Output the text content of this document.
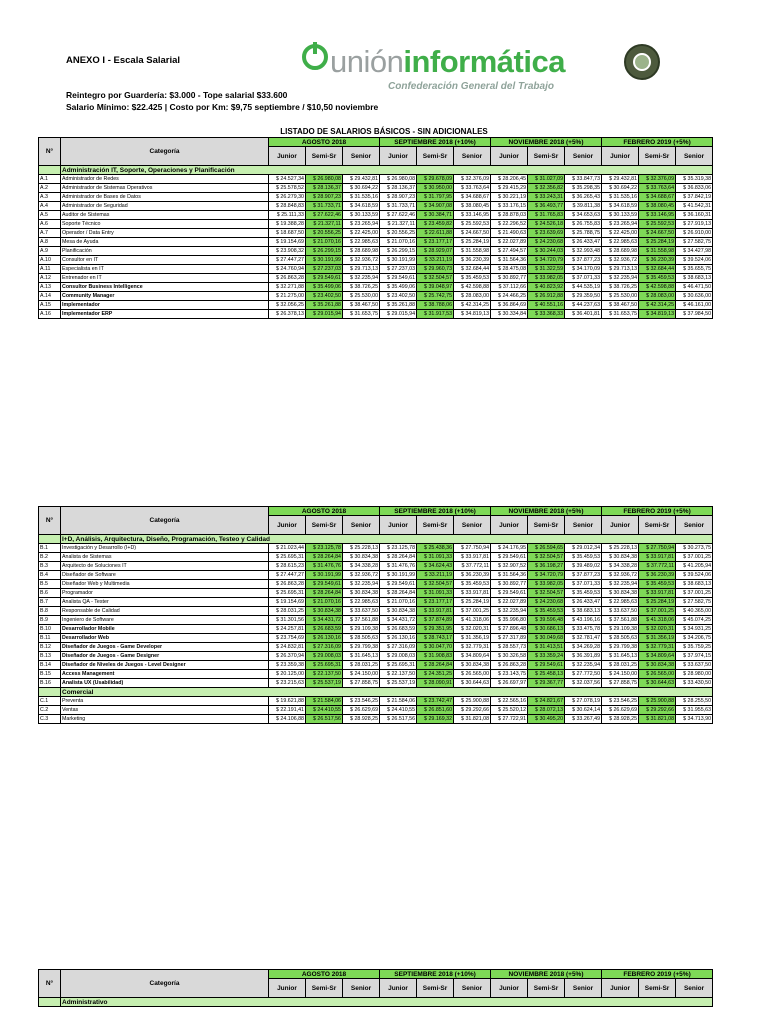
ANEXO I - Escala Salarial
Reintegro por Guardería: $3.000 - Tope salarial $33.600
Salario Mínimo: $22.425 | Costo por Km: $9,75 septiembre / $10,50 noviembre
unióninformática
Confederación General del Trabajo
LISTADO DE SALARIOS BÁSICOS - SIN ADICIONALES
N°	Categoría	AGOSTO 2018			SEPTIEMBRE 2018 (+10%)			NOVIEMBRE 2018 (+5%)			FEBRERO 2019 (+5%)		
		Junior	Semi-Sr	Senior	Junior	Semi-Sr	Senior	Junior	Semi-Sr	Senior	Junior	Semi-Sr	Senior
	Administración IT, Soporte, Operaciones y Planificación												
A.1	Administrador de Redes	$ 24.527,34	$ 26.980,08	$ 29.432,81	$ 26.980,08	$ 29.678,09	$ 32.376,09	$ 28.206,45	$ 31.027,09	$ 33.847,73	$ 29.432,81	$ 32.376,09	$ 35.319,38
A.2	Administrador de Sistemas Operativos	$ 25.578,52	$ 28.136,37	$ 30.694,22	$ 28.136,37	$ 30.950,00	$ 33.763,64	$ 29.415,29	$ 32.356,82	$ 35.298,35	$ 30.694,22	$ 33.763,64	$ 36.833,06
A.3	Administrador de Bases de Datos	$ 26.279,30	$ 28.907,23	$ 31.535,16	$ 28.907,23	$ 31.797,95	$ 34.688,67	$ 30.221,19	$ 33.243,31	$ 36.265,43	$ 31.535,16	$ 34.688,67	$ 37.842,19
A.4	Administrador de Seguridad	$ 28.848,83	$ 31.733,71	$ 34.618,59	$ 31.733,71	$ 34.907,08	$ 38.080,45	$ 33.176,15	$ 36.493,77	$ 39.811,38	$ 34.618,59	$ 38.080,45	$ 41.542,31
A.5	Auditor de Sistemas	$ 25.111,33	$ 27.622,46	$ 30.133,59	$ 27.622,46	$ 30.384,71	$ 33.146,95	$ 28.878,03	$ 31.765,83	$ 34.653,63	$ 30.133,59	$ 33.146,95	$ 36.160,31
A.6	Soporte Técnico	$ 19.388,28	$ 21.327,11	$ 23.265,94	$ 21.327,11	$ 23.459,82	$ 25.592,53	$ 22.296,52	$ 24.526,18	$ 26.755,83	$ 23.265,94	$ 25.592,53	$ 27.919,13
A.7	Operador / Data Entry	$ 18.687,50	$ 20.556,25	$ 22.425,00	$ 20.556,25	$ 22.611,88	$ 24.667,50	$ 21.490,63	$ 23.639,69	$ 25.788,75	$ 22.425,00	$ 24.667,50	$ 26.910,00
A.8	Mesa de Ayuda	$ 19.154,69	$ 21.070,16	$ 22.985,63	$ 21.070,16	$ 23.177,17	$ 25.284,19	$ 22.027,89	$ 24.230,68	$ 26.433,47	$ 22.985,63	$ 25.284,19	$ 27.582,75
A.9	Planificación	$ 23.908,32	$ 26.299,15	$ 28.689,98	$ 26.299,15	$ 28.929,07	$ 31.558,98	$ 27.494,57	$ 30.244,03	$ 32.993,48	$ 28.689,98	$ 31.558,98	$ 34.427,98
A.10	Consultor en IT	$ 27.447,27	$ 30.191,99	$ 32.936,72	$ 30.191,99	$ 33.211,19	$ 36.230,39	$ 31.564,36	$ 34.720,79	$ 37.877,23	$ 32.936,72	$ 36.230,39	$ 39.524,06
A.11	Especialista en IT	$ 24.760,94	$ 27.237,03	$ 29.713,13	$ 27.237,03	$ 29.960,73	$ 32.684,44	$ 28.475,08	$ 31.322,59	$ 34.170,09	$ 29.713,13	$ 32.684,44	$ 35.655,75
A.12	Entrenador en IT	$ 26.863,28	$ 29.549,61	$ 32.235,94	$ 29.549,61	$ 32.504,57	$ 35.459,53	$ 30.892,77	$ 33.982,05	$ 37.071,33	$ 32.235,94	$ 35.459,53	$ 38.683,13
A.13	Consultor Business Intelligence	$ 32.271,88	$ 35.499,06	$ 38.726,25	$ 35.499,06	$ 39.048,97	$ 42.598,88	$ 37.112,66	$ 40.823,92	$ 44.535,19	$ 38.726,25	$ 42.598,88	$ 46.471,50
A.14	Community Manager	$ 21.275,00	$ 23.402,50	$ 25.530,00	$ 23.402,50	$ 25.742,75	$ 28.083,00	$ 24.466,25	$ 26.912,88	$ 29.359,50	$ 25.530,00	$ 28.083,00	$ 30.636,00
A.15	Implementador	$ 32.056,25	$ 35.261,88	$ 38.467,50	$ 35.261,88	$ 38.788,06	$ 42.314,25	$ 36.864,69	$ 40.551,16	$ 44.237,63	$ 38.467,50	$ 42.314,25	$ 46.161,00
A.16	Implementador ERP	$ 26.378,13	$ 29.015,94	$ 31.653,75	$ 29.015,94	$ 31.917,53	$ 34.819,13	$ 30.334,84	$ 33.368,33	$ 36.401,81	$ 31.653,75	$ 34.819,13	$ 37.984,50
N°	Categoría	AGOSTO 2018			SEPTIEMBRE 2018 (+10%)			NOVIEMBRE 2018 (+5%)			FEBRERO 2019 (+5%)		
		Junior	Semi-Sr	Senior	Junior	Semi-Sr	Senior	Junior	Semi-Sr	Senior	Junior	Semi-Sr	Senior
	I+D, Análisis, Arquitectura, Diseño, Programación, Testeo y Calidad												
B.1	Investigación y Desarrollo (I+D)	$ 21.023,44	$ 23.125,78	$ 25.228,13	$ 23.125,78	$ 25.438,36	$ 27.750,94	$ 24.176,95	$ 26.594,65	$ 29.012,34	$ 25.228,13	$ 27.750,94	$ 30.273,75
B.2	Analista de Sistemas	$ 25.695,31	$ 28.264,84	$ 30.834,38	$ 28.264,84	$ 31.091,33	$ 33.917,81	$ 29.549,61	$ 32.504,57	$ 35.459,53	$ 30.834,38	$ 33.917,81	$ 37.001,25
B.3	Arquitecto de Soluciones IT	$ 28.615,23	$ 31.476,76	$ 34.338,28	$ 31.476,76	$ 34.624,43	$ 37.772,11	$ 32.907,52	$ 36.198,27	$ 39.489,02	$ 34.338,28	$ 37.772,11	$ 41.205,94
B.4	Diseñador de Software	$ 27.447,27	$ 30.191,99	$ 32.936,72	$ 30.191,99	$ 33.211,19	$ 36.230,39	$ 31.564,36	$ 34.720,79	$ 37.877,23	$ 32.936,72	$ 36.230,39	$ 39.524,06
B.5	Diseñador Web y Multimedia	$ 26.863,28	$ 29.549,61	$ 32.235,94	$ 29.549,61	$ 32.504,57	$ 35.459,53	$ 30.892,77	$ 33.982,05	$ 37.071,33	$ 32.235,94	$ 35.459,53	$ 38.683,13
B.6	Programador	$ 25.695,31	$ 28.264,84	$ 30.834,38	$ 28.264,84	$ 31.091,33	$ 33.917,81	$ 29.549,61	$ 32.504,57	$ 35.459,53	$ 30.834,38	$ 33.917,81	$ 37.001,25
B.7	Analista QA - Tester	$ 19.154,69	$ 21.070,16	$ 22.985,63	$ 21.070,16	$ 23.177,17	$ 25.284,19	$ 22.027,89	$ 24.230,68	$ 26.433,47	$ 22.985,63	$ 25.284,19	$ 27.582,75
B.8	Responsable de Calidad	$ 28.031,25	$ 30.834,38	$ 33.637,50	$ 30.834,38	$ 33.917,81	$ 37.001,25	$ 32.235,94	$ 35.459,53	$ 38.683,13	$ 33.637,50	$ 37.001,25	$ 40.365,00
B.9	Ingeniero de Software	$ 31.301,56	$ 34.431,72	$ 37.561,88	$ 34.431,72	$ 37.874,89	$ 41.318,06	$ 35.996,80	$ 39.596,48	$ 43.196,16	$ 37.561,88	$ 41.318,06	$ 45.074,25
B.10	Desarrollador Mobile	$ 24.257,81	$ 26.683,59	$ 29.109,38	$ 26.683,59	$ 29.351,95	$ 32.020,31	$ 27.896,48	$ 30.686,13	$ 33.475,78	$ 29.109,38	$ 32.020,31	$ 34.931,25
B.11	Desarrollador Web	$ 23.754,69	$ 26.130,16	$ 28.505,63	$ 26.130,16	$ 28.743,17	$ 31.356,19	$ 27.317,89	$ 30.049,68	$ 32.781,47	$ 28.505,63	$ 31.356,19	$ 34.206,75
B.12	Diseñador de Juegos - Game Developer	$ 24.832,81	$ 27.316,09	$ 29.799,38	$ 27.316,09	$ 30.047,70	$ 32.779,31	$ 28.557,73	$ 31.413,51	$ 34.269,28	$ 29.799,38	$ 32.779,31	$ 35.759,25
B.13	Diseñador de Juegos - Game Designer	$ 26.370,94	$ 29.008,03	$ 31.645,13	$ 29.008,03	$ 31.908,83	$ 34.809,64	$ 30.326,58	$ 33.359,24	$ 36.391,89	$ 31.645,13	$ 34.809,64	$ 37.974,15
B.14	Diseñador de Niveles de Juegos - Level Designer	$ 23.359,38	$ 25.695,31	$ 28.031,25	$ 25.695,31	$ 28.264,84	$ 30.834,38	$ 26.863,28	$ 29.549,61	$ 32.235,94	$ 28.031,25	$ 30.834,38	$ 33.637,50
B.15	Access Management	$ 20.125,00	$ 22.137,50	$ 24.150,00	$ 22.137,50	$ 24.351,25	$ 26.565,00	$ 23.143,75	$ 25.458,13	$ 27.772,50	$ 24.150,00	$ 26.565,00	$ 28.980,00
B.16	Analista UX (Usabilidad)	$ 23.215,63	$ 25.537,19	$ 27.858,75	$ 25.537,19	$ 28.090,91	$ 30.644,63	$ 26.697,97	$ 29.367,77	$ 32.037,56	$ 27.858,75	$ 30.644,63	$ 33.430,50
	Comercial												
C.1	Preventa	$ 19.621,88	$ 21.584,06	$ 23.546,25	$ 21.584,06	$ 23.742,47	$ 25.900,88	$ 22.565,16	$ 24.821,67	$ 27.078,19	$ 23.546,25	$ 25.900,88	$ 28.255,50
C.2	Ventas	$ 22.191,41	$ 24.410,55	$ 26.629,69	$ 24.410,55	$ 26.851,60	$ 29.292,66	$ 25.520,12	$ 28.072,13	$ 30.624,14	$ 26.629,69	$ 29.292,66	$ 31.955,63
C.3	Marketing	$ 24.106,88	$ 26.517,56	$ 28.928,25	$ 26.517,56	$ 29.169,32	$ 31.821,08	$ 27.722,91	$ 30.495,20	$ 33.267,49	$ 28.928,25	$ 31.821,08	$ 34.713,90
N°	Categoría	AGOSTO 2018			SEPTIEMBRE 2018 (+10%)			NOVIEMBRE 2018 (+5%)			FEBRERO 2019 (+5%)		
		Junior	Semi-Sr	Senior	Junior	Semi-Sr	Senior	Junior	Semi-Sr	Senior	Junior	Semi-Sr	Senior
	Administrativo												
